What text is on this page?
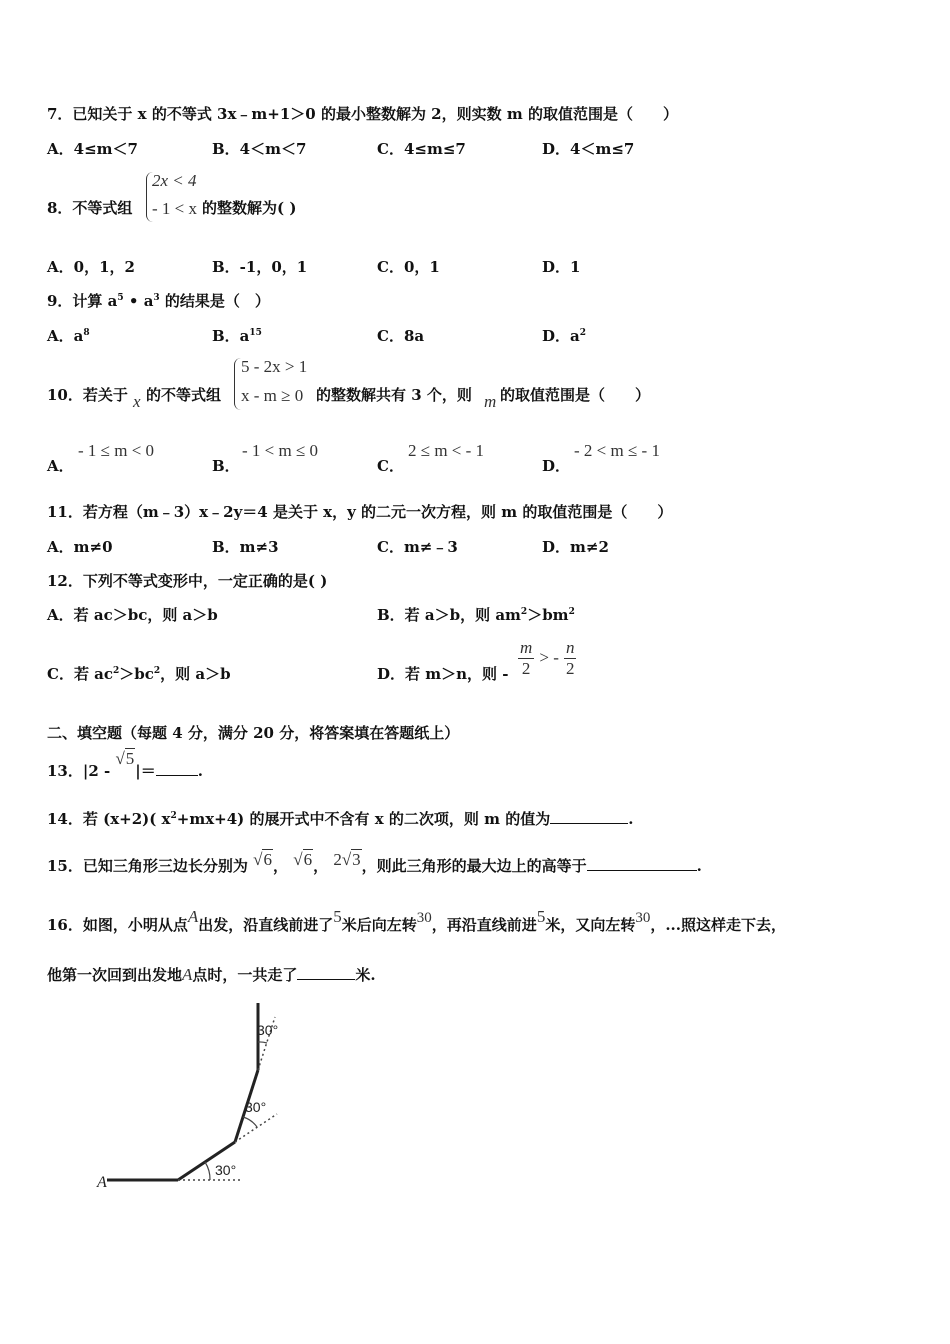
7．已知关于 x 的不等式 3x﹣m+1＞0 的最小整数解为 2，则实数 m 的取值范围是（　　）
A．4≤m＜7	B．4＜m＜7	C．4≤m≤7	D．4＜m≤7
8．不等式组
2x < 4
- 1 < x 的整数解为( )
A．0，1，2	B．-1，0，1	C．0，1	D．1
9．计算 $a^5$ • $a^3$ 的结果是（　）
A．$a^8$	B．$a^{15}$	C．8a	D．$a^2$
10．若关于 x 的不等式组
5 - 2x > 1
x - m ≥ 0 的整数解共有 3 个，则 m 的取值范围是（　　）
A．
- 1 ≤ m < 0
B．
- 1 < m ≤ 0
C．
2 ≤ m < - 1
D．
- 2 < m ≤ - 1
11．若方程（m﹣3）x﹣2y＝4 是关于 x，y 的二元一次方程，则 m 的取值范围是（　　）
A．m≠0	B．m≠3	C．m≠﹣3	D．m≠2
12．下列不等式变形中，一定正确的是( )
A．若 ac＞bc，则 a＞b	B．若 a＞b，则 $am^2>bm^2$
C．若 $ac^2>bc^2$，则 a＞b	D．若 m＞n，则 - $\frac{m}{2}$ > - $\frac{n}{2}$
二、填空题（每题 4 分，满分 20 分，将答案填在答题纸上）
13．|2 - √5|＝	.
14．若 (x+2)( $x^2+mx+4$) 的展开式中不含有 x 的二次项，则 m 的值为	.
15．已知三角形三边长分别为 √6， √6， 2√3，则此三角形的最大边上的高等于	.
16．如图，小明从点A出发，沿直线前进了5米后向左转30，再沿直线前进5米，又向左转30，...照这样走下去，
他第一次回到出发地A点时，一共走了	米.
A
30°
30°
30°
